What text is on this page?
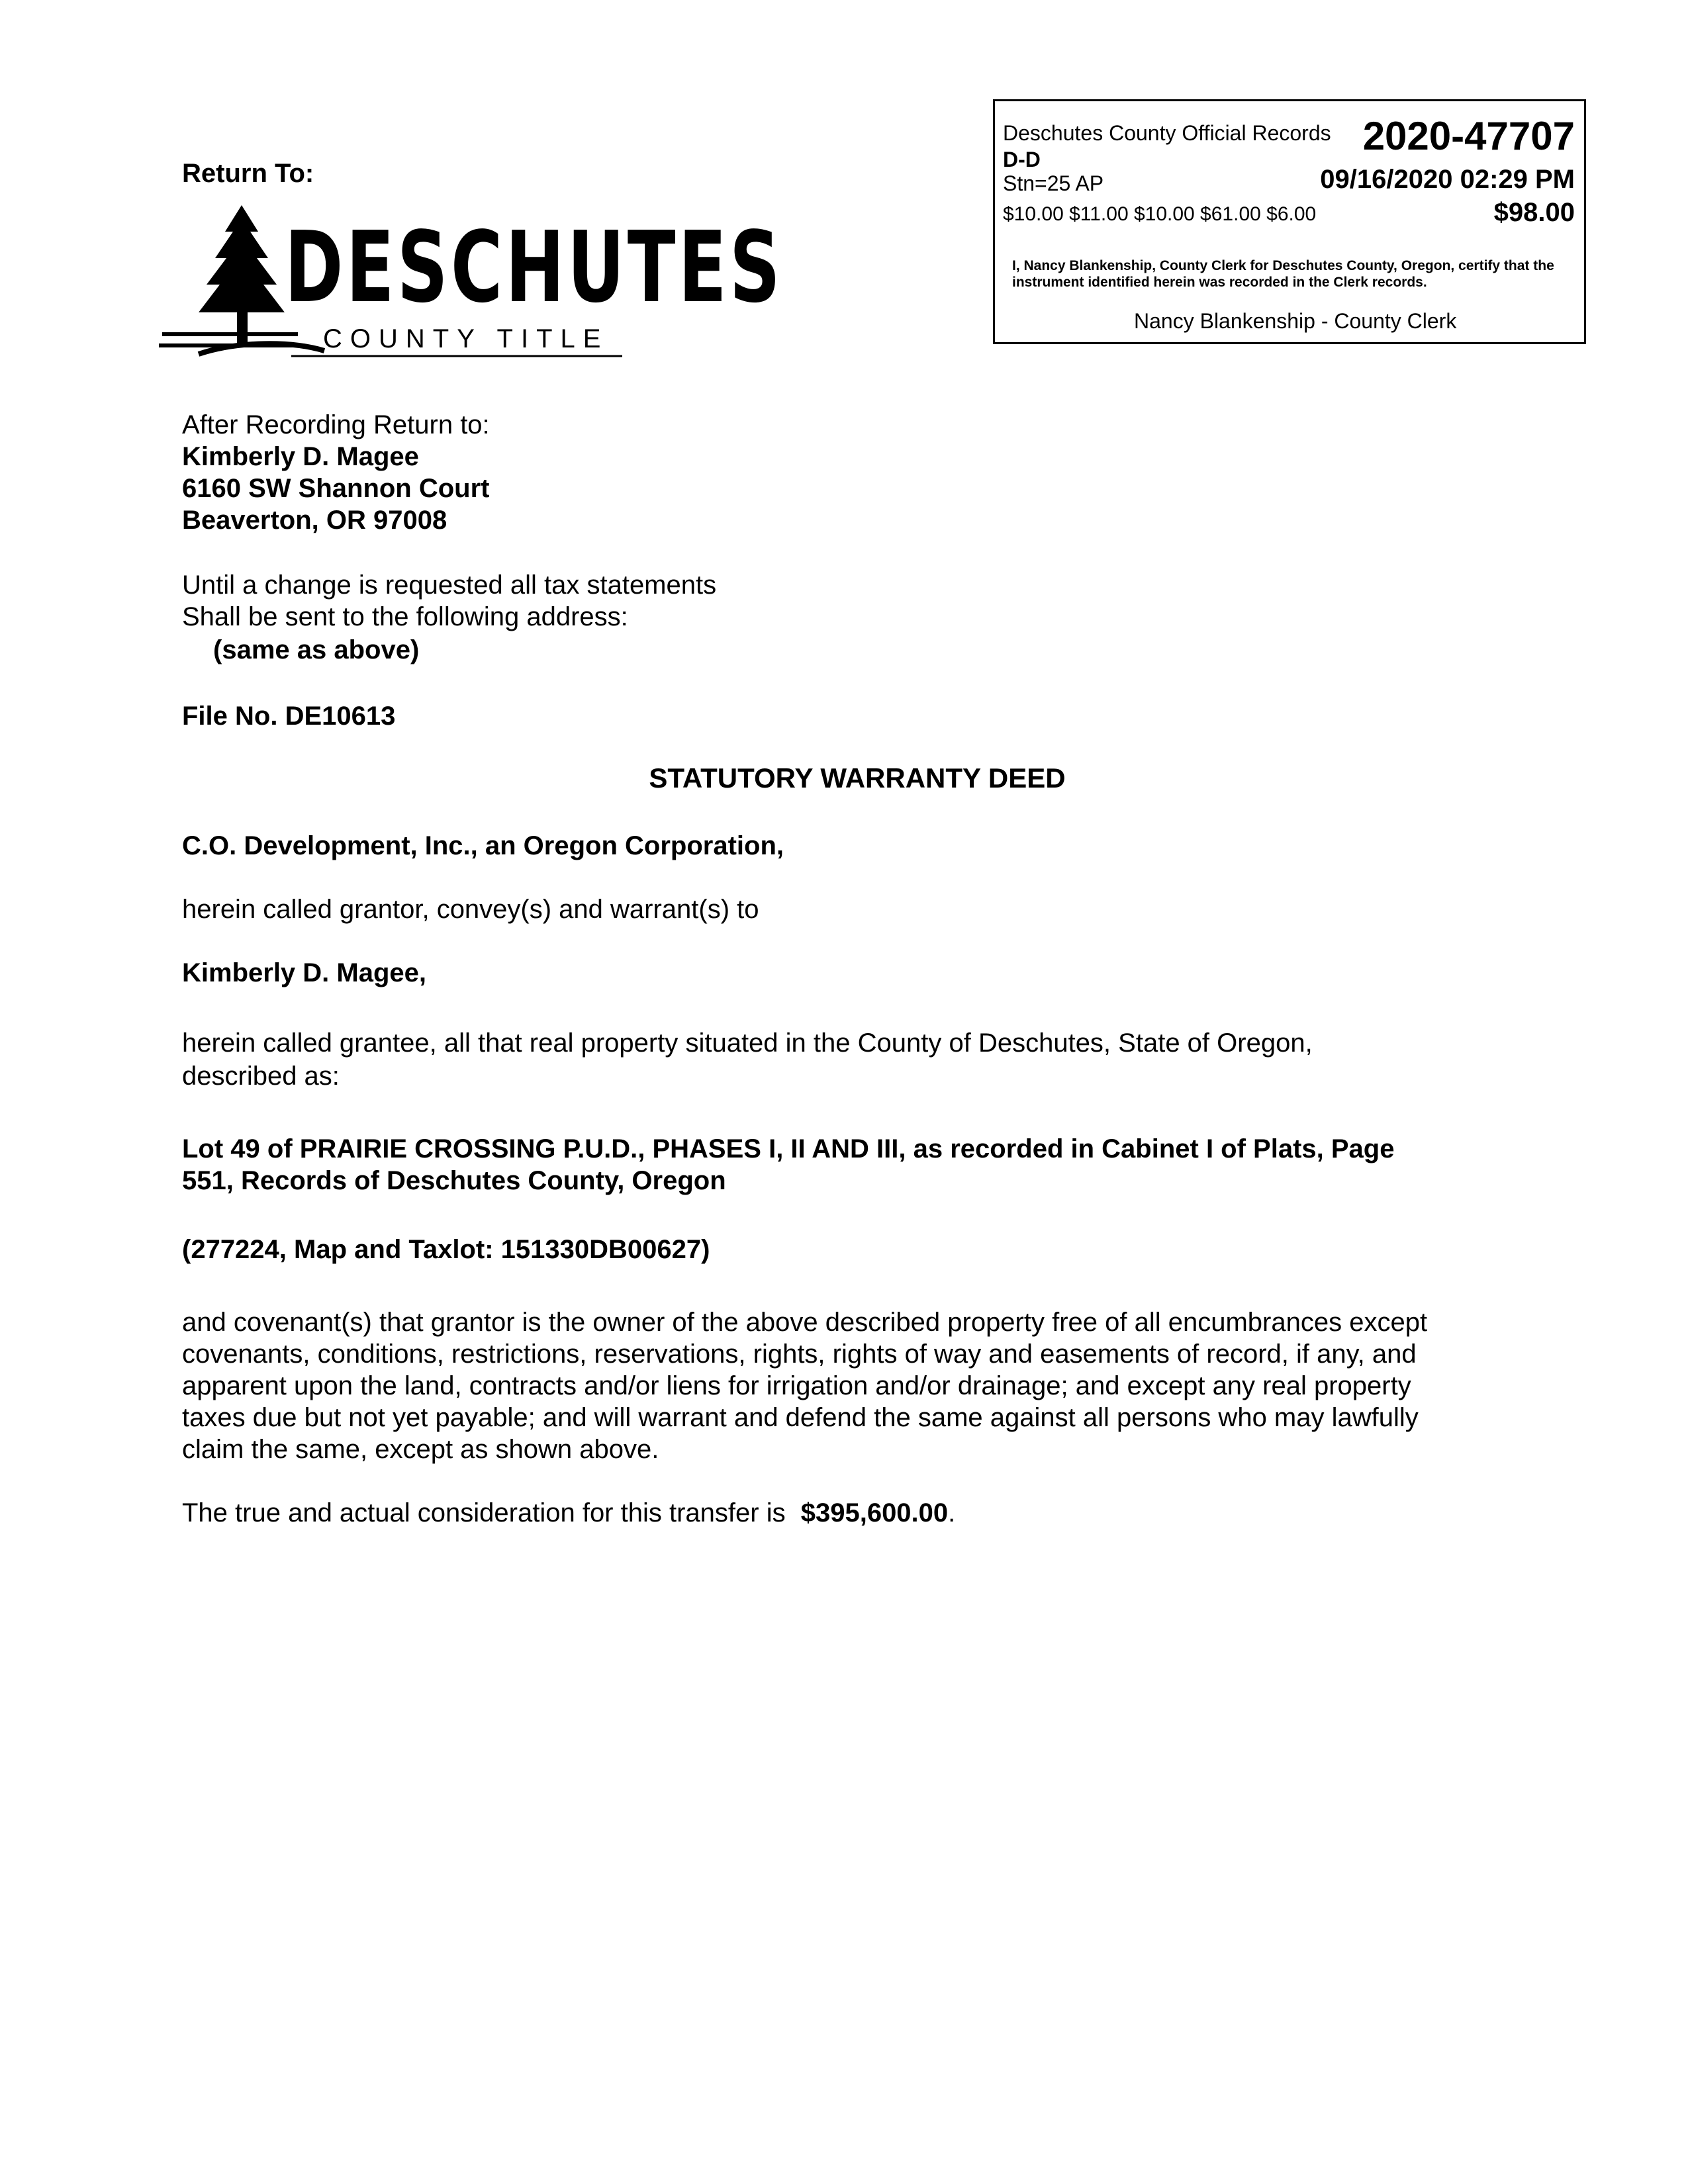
Return To:
DESCHUTES
COUNTY TITLE
Deschutes County Official Records 2020-47707
D-D
Stn=25 AP	09/16/2020 02:29 PM
$10.00 $11.00 $10.00 $61.00 $6.00	$98.00
I, Nancy Blankenship, County Clerk for Deschutes County, Oregon, certify that the instrument identified herein was recorded in the Clerk records.
Nancy Blankenship - County Clerk
After Recording Return to:
Kimberly D. Magee
6160 SW Shannon Court
Beaverton, OR 97008
Until a change is requested all tax statements
Shall be sent to the following address:
(same as above)
File No. DE10613
STATUTORY WARRANTY DEED
C.O. Development, Inc., an Oregon Corporation,
herein called grantor, convey(s) and warrant(s) to
Kimberly D. Magee,
herein called grantee, all that real property situated in the County of Deschutes, State of Oregon,
described as:
Lot 49 of PRAIRIE CROSSING P.U.D., PHASES I, II AND III, as recorded in Cabinet I of Plats, Page
551, Records of Deschutes County, Oregon
(277224, Map and Taxlot: 151330DB00627)
and covenant(s) that grantor is the owner of the above described property free of all encumbrances except
covenants, conditions, restrictions, reservations, rights, rights of way and easements of record, if any, and
apparent upon the land, contracts and/or liens for irrigation and/or drainage; and except any real property
taxes due but not yet payable; and will warrant and defend the same against all persons who may lawfully
claim the same, except as shown above.
The true and actual consideration for this transfer is $395,600.00.
